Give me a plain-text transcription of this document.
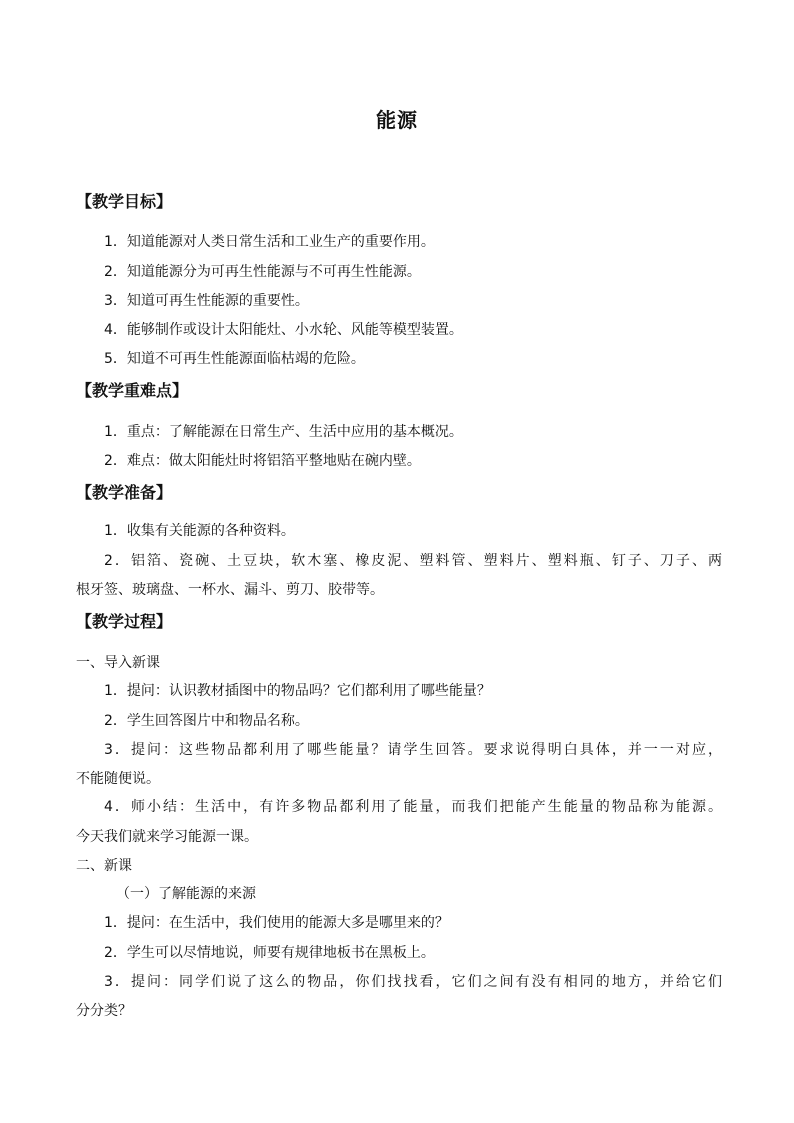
能源
【教学目标】
1．知道能源对人类日常生活和工业生产的重要作用。
2．知道能源分为可再生性能源与不可再生性能源。
3．知道可再生性能源的重要性。
4．能够制作或设计太阳能灶、小水轮、风能等模型装置。
5．知道不可再生性能源面临枯竭的危险。
【教学重难点】
1．重点：了解能源在日常生产、生活中应用的基本概况。
2．难点：做太阳能灶时将铝箔平整地贴在碗内壁。
【教学准备】
1．收集有关能源的各种资料。
2．铝箔、瓷碗、土豆块，软木塞、橡皮泥、塑料管、塑料片、塑料瓶、钉子、刀子、两
根牙签、玻璃盘、一杯水、漏斗、剪刀、胶带等。
【教学过程】
一、导入新课
1．提问：认识教材插图中的物品吗？它们都利用了哪些能量？
2．学生回答图片中和物品名称。
3．提问：这些物品都利用了哪些能量？请学生回答。要求说得明白具体，并一一对应，
不能随便说。
4．师小结：生活中，有许多物品都利用了能量，而我们把能产生能量的物品称为能源。
今天我们就来学习能源一课。
二、新课
（一）了解能源的来源
1．提问：在生活中，我们使用的能源大多是哪里来的？
2．学生可以尽情地说，师要有规律地板书在黑板上。
3．提问：同学们说了这么的物品，你们找找看，它们之间有没有相同的地方，并给它们
分分类？
